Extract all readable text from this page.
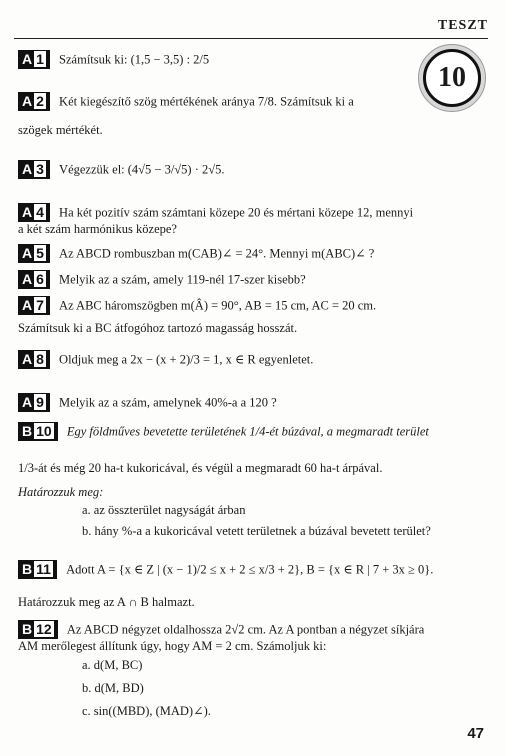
TESZT
10
A 1 Számítsuk ki: (1,5 − 3,5) : 2/5
A 2 Két kiegészítő szög mértékének aránya 7/8. Számítsuk ki a
szögek mértékét.
A 3 Végezzük el: (4√5 − 3/√5) · 2√5.
A 4 Ha két pozitív szám számtani közepe 20 és mértani közepe 12, mennyi
a két szám harmónikus közepe?
A 5 Az ABCD rombuszban m(CAB)∠ = 24°. Mennyi m(ABC)∠ ?
A 6 Melyik az a szám, amely 119-nél 17-szer kisebb?
A 7 Az ABC háromszögben m(Â) = 90°, AB = 15 cm, AC = 20 cm.
Számítsuk ki a BC átfogóhoz tartozó magasság hosszát.
A 8 Oldjuk meg a 2x − (x + 2)/3 = 1, x ∈ R egyenletet.
A 9 Melyik az a szám, amelynek 40%-a a 120 ?
B 10 Egy földműves bevetette területének 1/4-ét búzával, a megmaradt terület
1/3-át és még 20 ha-t kukoricával, és végül a megmaradt 60 ha-t árpával.
Határozzuk meg:
a. az összterület nagyságát árban
b. hány %-a a kukoricával vetett területnek a búzával bevetett terület?
B 11 Adott A = {x ∈ Z | (x − 1)/2 ≤ x + 2 ≤ x/3 + 2}, B = {x ∈ R | 7 + 3x ≥ 0}.
Határozzuk meg az A ∩ B halmazt.
B 12 Az ABCD négyzet oldalhossza 2√2 cm. Az A pontban a négyzet síkjára
AM merőlegest állítunk úgy, hogy AM = 2 cm. Számoljuk ki:
a. d(M, BC)
b. d(M, BD)
c. sin((MBD), (MAD)∠).
47
